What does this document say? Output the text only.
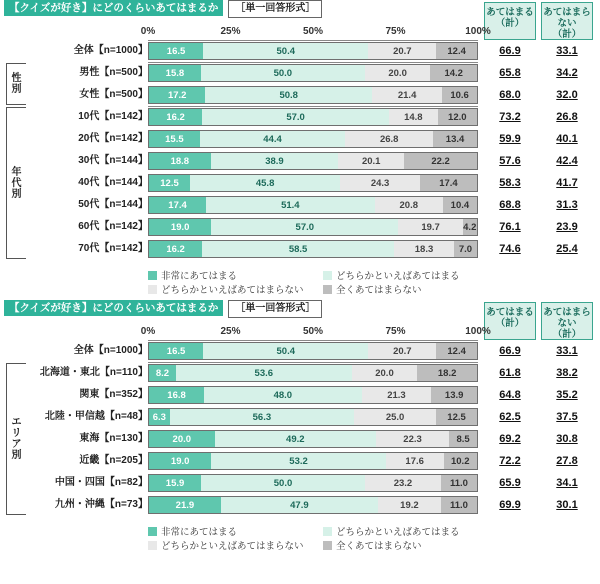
【クイズが好き】にどのくらいあてはまるか ［単一回答形式］	あてはまる
（計）
あてはまら
ない
（計）
0%	25%	50%	75%	100%
全体【n=1000】	16.5	50.4	20.7	12.4	66.9	33.1
男性【n=500】	15.8	50.0	20.0	14.2	65.8	34.2
女性【n=500】	17.2	50.8	21.4	10.6	68.0	32.0
10代【n=142】	16.2	57.0	14.8	12.0	73.2	26.8
20代【n=142】	15.5	44.4	26.8	13.4	59.9	40.1
30代【n=144】	18.8	38.9	20.1	22.2	57.6	42.4
40代【n=144】	12.5	45.8	24.3	17.4	58.3	41.7
50代【n=144】	17.4	51.4	20.8	10.4	68.8	31.3
60代【n=142】	19.0	57.0	19.7	4.2	76.1	23.9
70代【n=142】	16.2	58.5	18.3	7.0	74.6	25.4
性
別
年
代
別
非常にあてはまる	どちらかといえばあてはまる
どちらかといえばあてはまらない	全くあてはまらない
【クイズが好き】にどのくらいあてはまるか ［単一回答形式］	あてはまる
（計）
あてはまら
ない
（計）
0%	25%	50%	75%	100%
全体【n=1000】	16.5	50.4	20.7	12.4	66.9	33.1
北海道・東北【n=110】 8.2	53.6	20.0	18.2	61.8	38.2
関東【n=352】	16.8	48.0	21.3	13.9	64.8	35.2
北陸・甲信越【n=48】 6.3	56.3	25.0	12.5	62.5	37.5
東海【n=130】	20.0	49.2	22.3	8.5	69.2	30.8
近畿【n=205】	19.0	53.2	17.6	10.2	72.2	27.8
中国・四国【n=82】	15.9	50.0	23.2	11.0	65.9	34.1
九州・沖縄【n=73】	21.9	47.9	19.2	11.0	69.9	30.1
エ
リ
ア
別
非常にあてはまる	どちらかといえばあてはまる
どちらかといえばあてはまらない	全くあてはまらない
